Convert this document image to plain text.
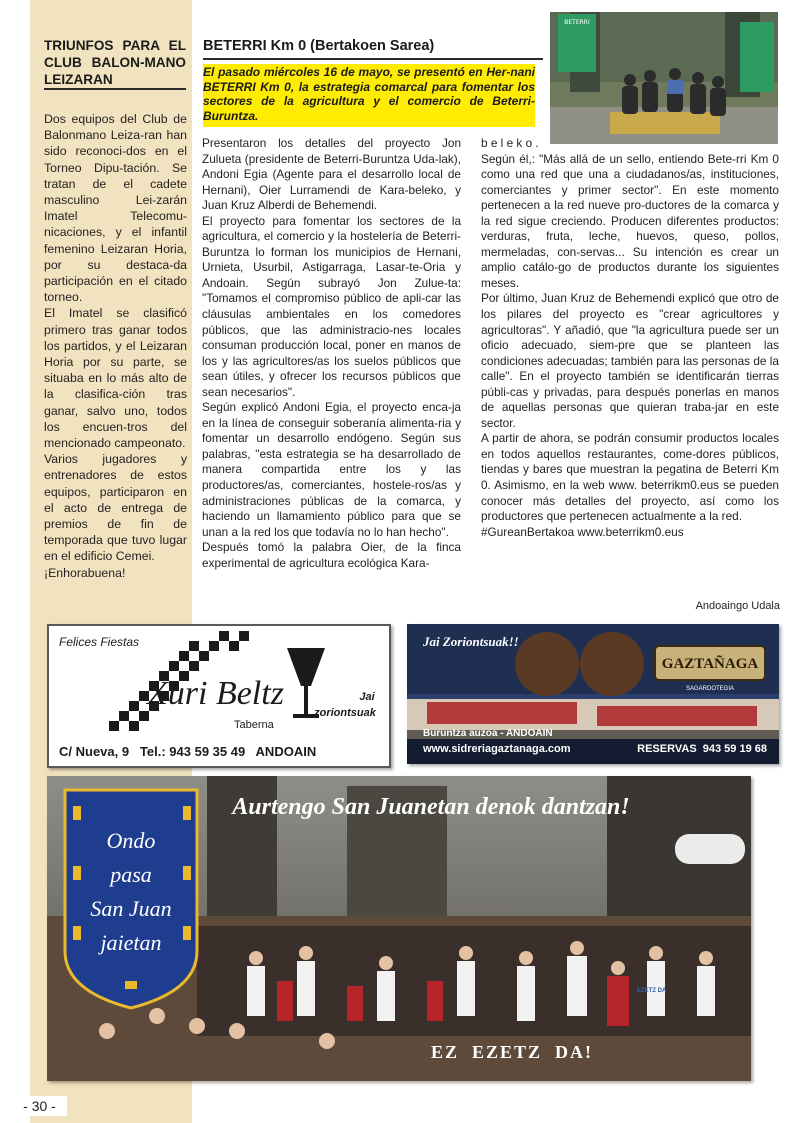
TRIUNFOS PARA EL CLUB BALON-MANO LEIZARAN

Dos equipos del Club de Balonmano Leiza-ran han sido reconoci-dos en el Torneo Dipu-tación. Se tratan de el cadete masculino Lei-zarán Imatel Telecomu-nicaciones, y el infantil femenino Leizaran Horia, por su destaca-da participación en el citado torneo.

El Imatel se clasificó primero tras ganar todos los partidos, y el Leizaran Horia por su parte, se situaba en lo más alto de la clasifica-ción tras ganar, salvo uno, todos los encuen-tros del mencionado campeonato.

Varios jugadores y entrenadores de estos equipos, participaron en el acto de entrega de premios de fin de temporada que tuvo lugar en el edificio Cemei.

¡Enhorabuena!

- 30 -
BETERRI Km 0 (Bertakoen Sarea)
El pasado miércoles 16 de mayo, se presentó en Her-nani BETERRI Km 0, la estrategia comarcal para fomentar los sectores de la agricultura y el comercio de Beterri-Buruntza.
BETERRI

Presentaron los detalles del proyecto Jon Zulueta (presidente de Beterri-Buruntza Uda-lak), Andoni Egia (Agente para el desarrollo local de Hernani), Oier Lurramendi de Kara-beleko, y Juan Kruz Alberdi de Behemendi.

El proyecto para fomentar los sectores de la agricultura, el comercio y la hostelería de Beterri-Buruntza lo forman los municipios de Hernani, Urnieta, Usurbil, Astigarraga, Lasar-te-Oria y Andoain. Según subrayó Jon Zulue-ta: "Tomamos el compromiso público de apli-car las cláusulas ambientales en los comedores públicos, que las administracio-nes locales consuman producción local, poner en manos de los y las agricultores/as los suelos públicos que sean útiles, y ofrecer los recursos públicos que sean necesarios".

Según explicó Andoni Egia, el proyecto enca-ja en la línea de conseguir soberanía alimenta-ria y fomentar un desarrollo endógeno. Según sus palabras, "esta estrategia se ha desarrollado de manera compartida entre los y las productores/as, comerciantes, hostele-ros/as y administraciones públicas de la comarca, y haciendo un llamamiento público para que se unan a la red los que todavía no lo han hecho".

Después tomó la palabra Oier, de la finca experimental de agricultura ecológica Kara-

b e l e k o .

Según él,: "Más allá de un sello, entiendo Bete-rri Km 0 como una red que una a ciudadanos/as, instituciones, comerciantes y primer sector". En este momento pertenecen a la red nueve pro-ductores de la comarca y la red sigue creciendo. Producen diferentes productos: verduras, fruta, leche, huevos, queso, pollos, mermeladas, con-servas... Su intención es crear un amplio catálo-go de productos durante los siguientes meses.

Por último, Juan Kruz de Behemendi explicó que otro de los pilares del proyecto es "crear agricultores y agricultoras". Y añadió, que "la agricultura puede ser un oficio adecuado, siem-pre que se planteen las condiciones adecuadas; también para las personas de la calle". En el proyecto también se identificarán tierras públi-cas y privadas, para después ponerlas en manos de aquellas personas que quieran traba-jar en este sector.

A partir de ahora, se podrán consumir productos locales en todos aquellos restaurantes, come-dores públicos, tiendas y bares que muestran la pegatina de Beterri Km 0. Asimismo, en la web www. beterrikm0.eus se pueden conocer más detalles del proyecto, así como los productores que pertenecen actualmente a la red.

#GureanBertakoa www.beterrikm0.eus

Andoaingo Udala
Felices Fiestas
Xuri Beltz
Taberna
Jai
zoriontsuak
C/ Nueva, 9   Tel.: 943 59 35 49   ANDOAIN
Jai Zoriontsuak!!
GAZTAÑAGA
SAGARDOTEGIA
Buruntza auzoa - ANDOAIN
www.sidreriagaztanaga.com	RESERVAS  943 59 19 68
Aurtengo San Juanetan denok dantzan!
Ondo
pasa
San Juan
jaietan
EZETZ DA
EZ  EZETZ  DA!
